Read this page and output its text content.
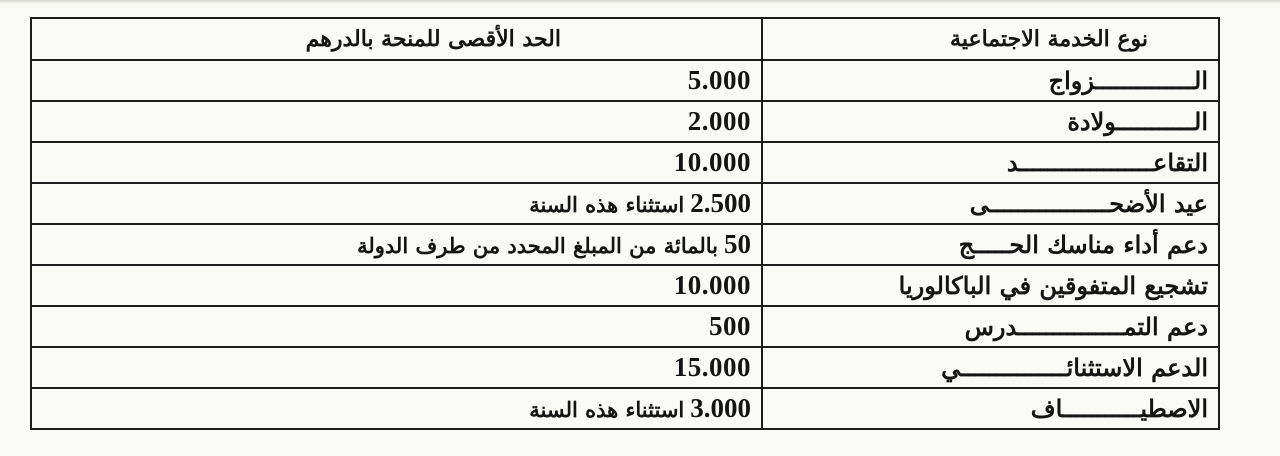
نوع الخدمة الاجتماعية	الحد الأقصى للمنحة بالدرهم
الــــــــــــــزواج	5.000
الـــــــــــولادة	2.000
التقاعـــــــــــــــــــد	10.000
عيد الأضحـــــــــــــــــى	2.500استثناء هذه السنة
دعم أداء مناسك الحـــــج	50بالمائة من المبلغ المحدد من طرف الدولة
تشجيع المتفوقين في الباكالوريا	10.000
دعم التمـــــــــــــــدرس	500
الدعم الاستثنائـــــــــــــــي	15.000
الاصطيـــــــــــاف	3.000استثناء هذه السنة
